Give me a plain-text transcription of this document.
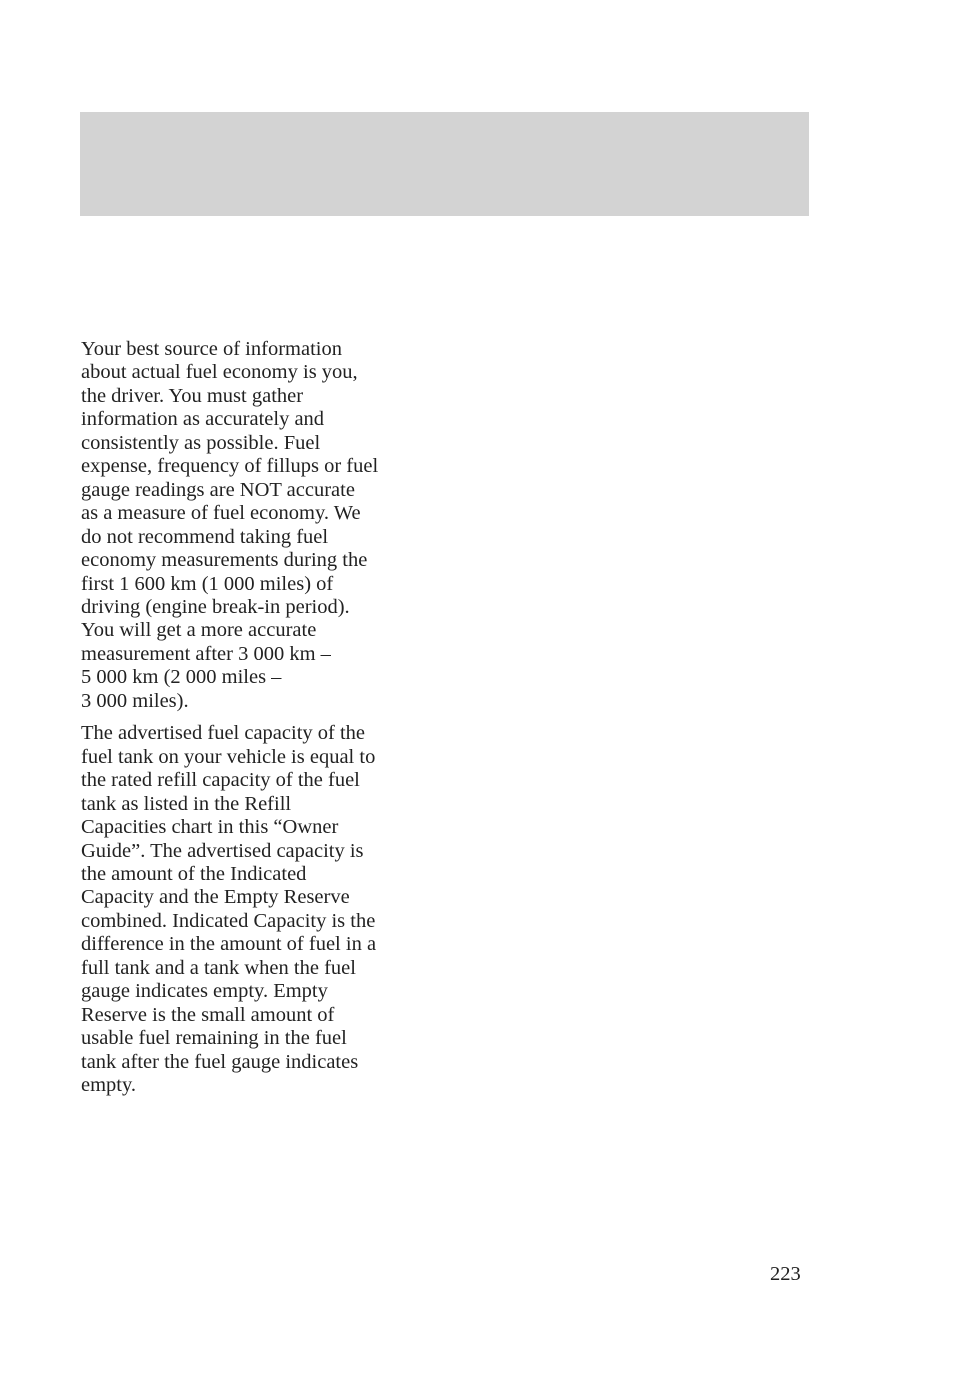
Your best source of information
about actual fuel economy is you,
the driver. You must gather
information as accurately and
consistently as possible. Fuel
expense, frequency of fillups or fuel
gauge readings are NOT accurate
as a measure of fuel economy. We
do not recommend taking fuel
economy measurements during the
first 1 600 km (1 000 miles) of
driving (engine break-in period).
You will get a more accurate
measurement after 3 000 km –
5 000 km (2 000 miles –
3 000 miles).
The advertised fuel capacity of the
fuel tank on your vehicle is equal to
the rated refill capacity of the fuel
tank as listed in the Refill
Capacities chart in this “Owner
Guide”. The advertised capacity is
the amount of the Indicated
Capacity and the Empty Reserve
combined. Indicated Capacity is the
difference in the amount of fuel in a
full tank and a tank when the fuel
gauge indicates empty. Empty
Reserve is the small amount of
usable fuel remaining in the fuel
tank after the fuel gauge indicates
empty.
223
